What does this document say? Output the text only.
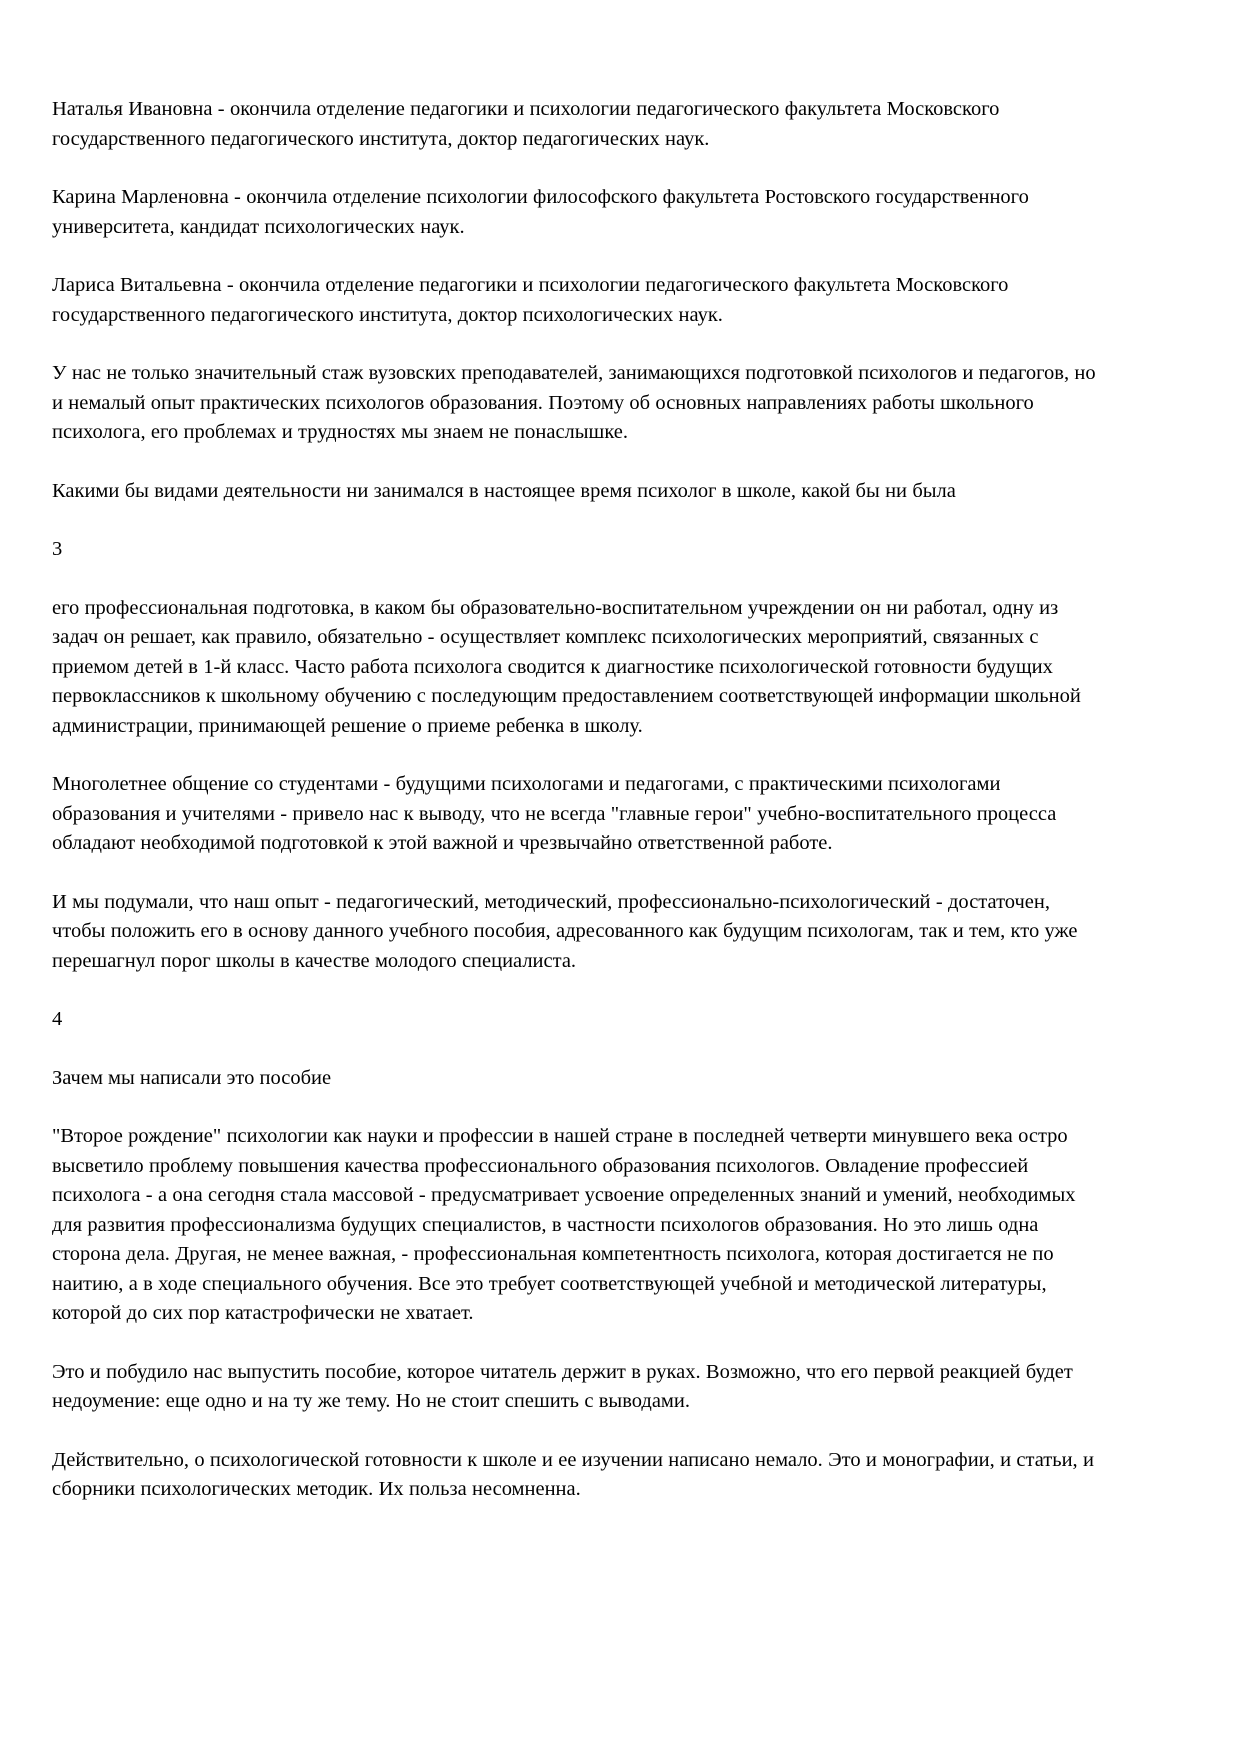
Наталья Ивановна - окончила отделение педагогики и психологии педагогического факультета Московского государственного педагогического института, доктор педагогических наук.

Карина Марленовна - окончила отделение психологии философского факультета Ростовского государственного университета, кандидат психологических наук.

Лариса Витальевна - окончила отделение педагогики и психологии педагогического факультета Московского государственного педагогического института, доктор психологических наук.

У нас не только значительный стаж вузовских преподавателей, занимающихся подготовкой психологов и педагогов, но и немалый опыт практических психологов образования. Поэтому об основных направлениях работы школьного психолога, его проблемах и трудностях мы знаем не понаслышке.

Какими бы видами деятельности ни занимался в настоящее время психолог в школе, какой бы ни была

3

его профессиональная подготовка, в каком бы образовательно-воспитательном учреждении он ни работал, одну из задач он решает, как правило, обязательно - осуществляет комплекс психологических мероприятий, связанных с приемом детей в 1-й класс. Часто работа психолога сводится к диагностике психологической готовности будущих первоклассников к школьному обучению с последующим предоставлением соответствующей информации школьной администрации, принимающей решение о приеме ребенка в школу.

Многолетнее общение со студентами - будущими психологами и педагогами, с практическими психологами образования и учителями - привело нас к выводу, что не всегда "главные герои" учебно-воспитательного процесса обладают необходимой подготовкой к этой важной и чрезвычайно ответственной работе.

И мы подумали, что наш опыт - педагогический, методический, профессионально-психологический - достаточен, чтобы положить его в основу данного учебного пособия, адресованного как будущим психологам, так и тем, кто уже перешагнул порог школы в качестве молодого специалиста.

4

Зачем мы написали это пособие

"Второе рождение" психологии как науки и профессии в нашей стране в последней четверти минувшего века остро высветило проблему повышения качества профессионального образования психологов. Овладение профессией психолога - а она сегодня стала массовой - предусматривает усвоение определенных знаний и умений, необходимых для развития профессионализма будущих специалистов, в частности психологов образования. Но это лишь одна сторона дела. Другая, не менее важная, - профессиональная компетентность психолога, которая достигается не по наитию, а в ходе специального обучения. Все это требует соответствующей учебной и методической литературы, которой до сих пор катастрофически не хватает.

Это и побудило нас выпустить пособие, которое читатель держит в руках. Возможно, что его первой реакцией будет недоумение: еще одно и на ту же тему. Но не стоит спешить с выводами.

Действительно, о психологической готовности к школе и ее изучении написано немало. Это и монографии, и статьи, и сборники психологических методик. Их польза несомненна.
